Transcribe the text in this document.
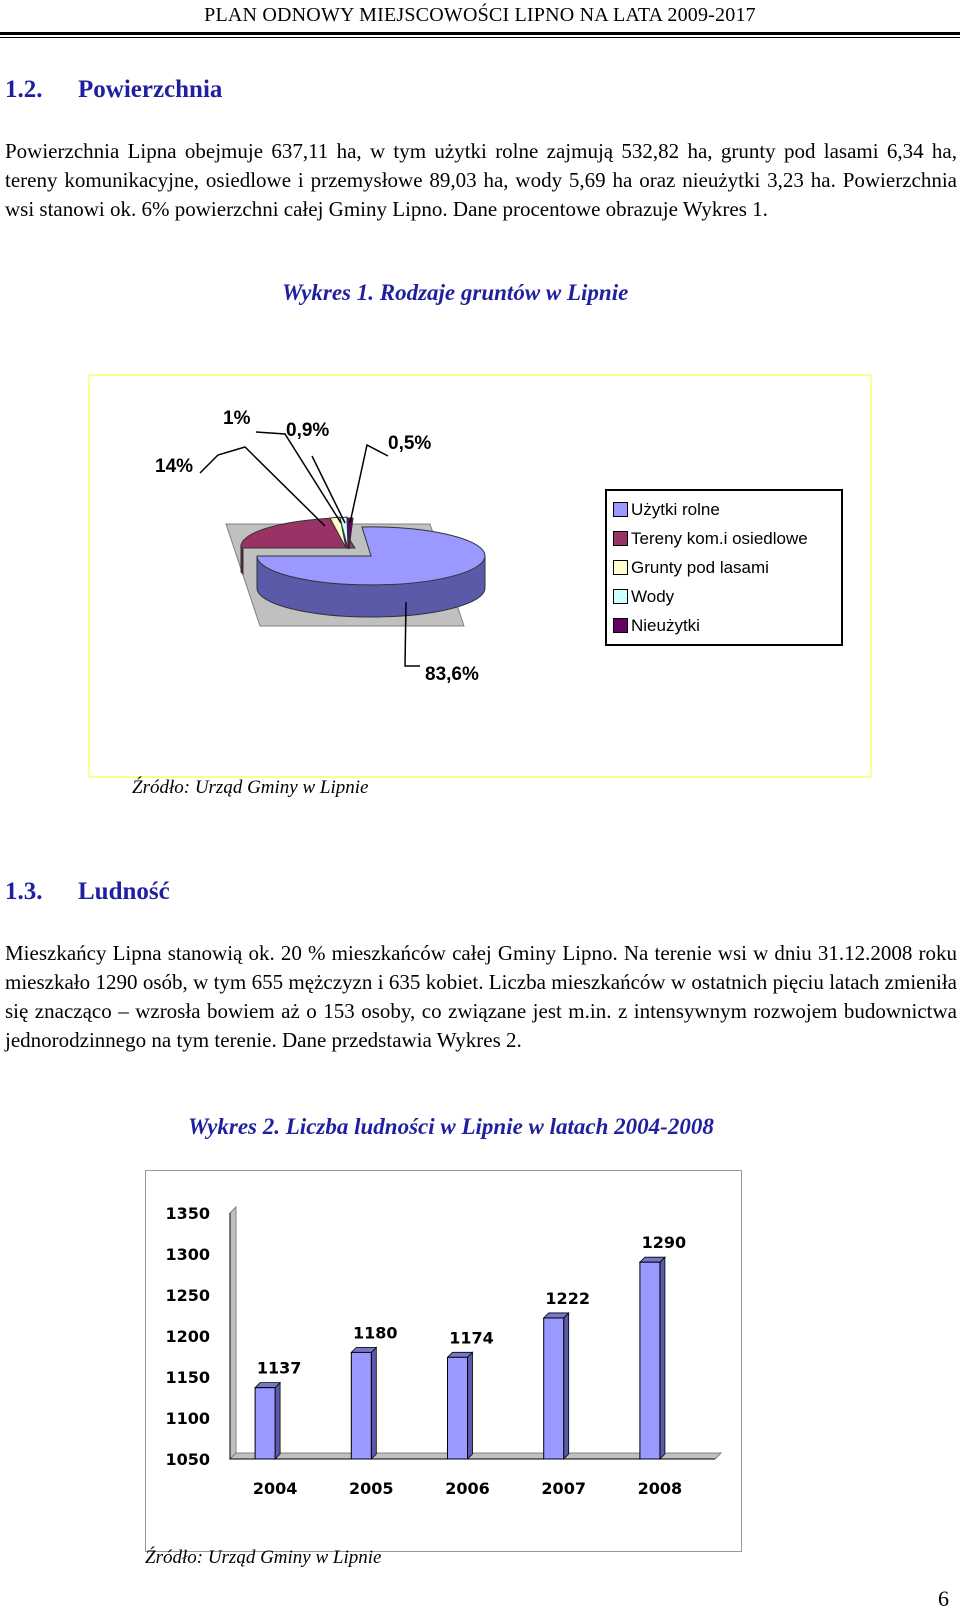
PLAN ODNOWY MIEJSCOWOŚCI LIPNO NA LATA 2009-2017
1.2. Powierzchnia
Powierzchnia Lipna obejmuje 637,11 ha, w tym użytki rolne zajmują 532,82 ha, grunty pod lasami 6,34 ha, tereny komunikacyjne, osiedlowe i przemysłowe 89,03 ha, wody 5,69 ha oraz nieużytki 3,23 ha. Powierzchnia wsi stanowi ok. 6% powierzchni całej Gminy Lipno. Dane procentowe obrazuje Wykres 1.
Wykres 1. Rodzaje gruntów w Lipnie
14%
1%
0,9%
0,5%
83,6%
Użytki rolne
Tereny kom.i osiedlowe
Grunty pod lasami
Wody
Nieużytki
Źródło: Urząd Gminy w Lipnie
1.3. Ludność
Mieszkańcy Lipna stanowią ok. 20 % mieszkańców całej Gminy Lipno. Na terenie wsi w dniu 31.12.2008 roku mieszkało 1290 osób, w tym 655 mężczyzn i 635 kobiet. Liczba mieszkańców w ostatnich pięciu latach zmieniła się znacząco – wzrosła bowiem aż o 153 osoby, co związane jest m.in. z intensywnym rozwojem budownictwa jednorodzinnego na tym terenie. Dane przedstawia Wykres 2.
Wykres 2. Liczba ludności w Lipnie w latach 2004-2008
1350
1300
1250
1200
1150
1100
1050
1137
2004
1180
2005
1174
2006
1222
2007
1290
2008
Źródło: Urząd Gminy w Lipnie
6
